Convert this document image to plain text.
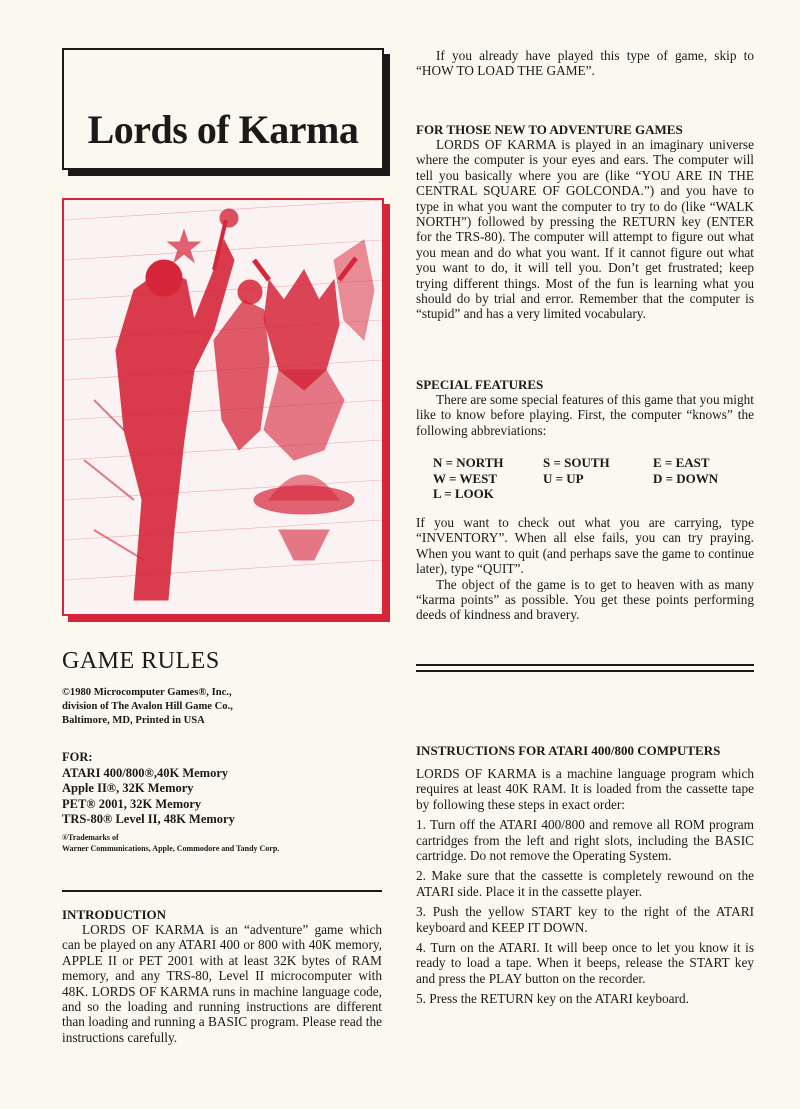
Lords of Karma
GAME RULES
©1980 Microcomputer Games®, Inc.,
division of The Avalon Hill Game Co.,
Baltimore, MD, Printed in USA
FOR:
ATARI 400/800®,40K Memory
Apple II®, 32K Memory
PET® 2001, 32K Memory
TRS-80® Level II, 48K Memory
®Trademarks of
Warner Communications, Apple, Commodore and Tandy Corp.

INTRODUCTION

LORDS OF KARMA is an “adventure” game which can be played on any ATARI 400 or 800 with 40K memory, APPLE II or PET 2001 with at least 32K bytes of RAM memory, and any TRS-80, Level II microcomputer with 48K. LORDS OF KARMA runs in machine language code, and so the loading and running instructions are different than loading and running a BASIC program. Please read the instructions carefully.

If you already have played this type of game, skip to “HOW TO LOAD THE GAME”.

FOR THOSE NEW TO ADVENTURE GAMES

LORDS OF KARMA is played in an imaginary universe where the computer is your eyes and ears. The computer will tell you basically where you are (like “YOU ARE IN THE CENTRAL SQUARE OF GOLCONDA.”) and you have to type in what you want the computer to try to do (like “WALK NORTH”) followed by pressing the RETURN key (ENTER for the TRS-80). The computer will attempt to figure out what you mean and do what you want. If it cannot figure out what you want to do, it will tell you. Don’t get frustrated; keep trying different things. Most of the fun is learning what you should do by trial and error. Remember that the computer is “stupid” and has a very limited vocabulary.

SPECIAL FEATURES

There are some special features of this game that you might like to know before playing. First, the computer “knows” the following abbreviations:

N = NORTH	S = SOUTH	E = EAST
W = WEST	U = UP	D = DOWN
L = LOOK		

If you want to check out what you are carrying, type “INVENTORY”. When all else fails, you can try praying. When you want to quit (and perhaps save the game to continue later), type “QUIT”.

The object of the game is to get to heaven with as many “karma points” as possible. You get these points performing deeds of kindness and bravery.

INSTRUCTIONS FOR ATARI 400/800 COMPUTERS

LORDS OF KARMA is a machine language program which requires at least 40K RAM. It is loaded from the cassette tape by following these steps in exact order:

1. Turn off the ATARI 400/800 and remove all ROM program cartridges from the left and right slots, including the BASIC cartridge. Do not remove the Operating System.

2. Make sure that the cassette is completely rewound on the ATARI side. Place it in the cassette player.

3. Push the yellow START key to the right of the ATARI keyboard and KEEP IT DOWN.

4. Turn on the ATARI. It will beep once to let you know it is ready to load a tape. When it beeps, release the START key and press the PLAY button on the recorder.

5. Press the RETURN key on the ATARI keyboard.
